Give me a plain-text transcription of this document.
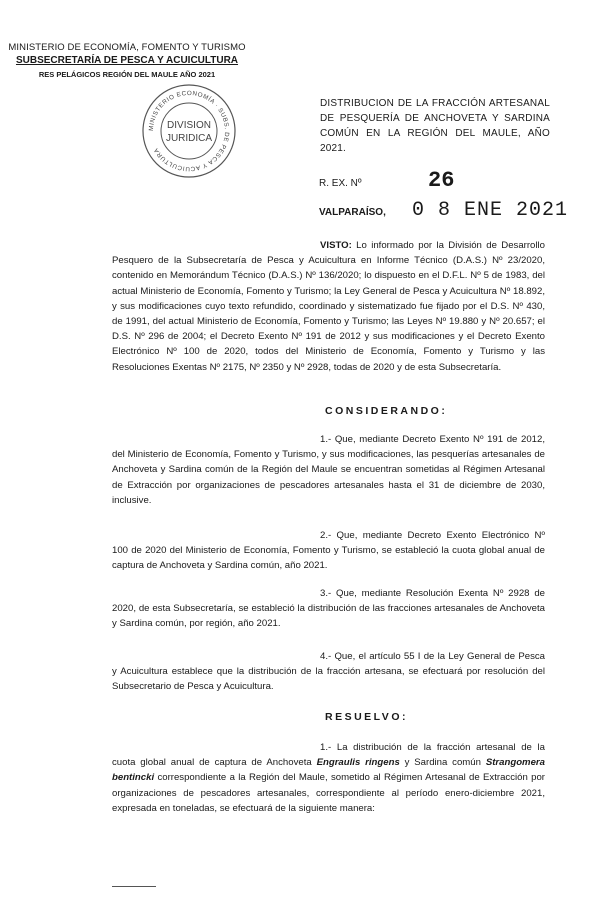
MINISTERIO DE ECONOMÍA, FOMENTO Y TURISMO
SUBSECRETARÍA DE PESCA Y ACUICULTURA
RES PELÁGICOS REGIÓN DEL MAULE AÑO 2021
MINISTERIO ECONOMÍA · SUBS. DE PESCA Y ACUICULTURA
DIVISION
JURIDICA
DISTRIBUCION DE LA FRACCIÓN ARTESANAL DE PESQUERÍA DE ANCHOVETA Y SARDINA COMÚN EN LA REGIÓN DEL MAULE, AÑO 2021.
R. EX. Nº	26
VALPARAÍSO, 0 8 ENE 2021
VISTO: Lo informado por la División de Desarrollo Pesquero de la Subsecretaría de Pesca y Acuicultura en Informe Técnico (D.A.S.) Nº 23/2020, contenido en Memorándum Técnico (D.A.S.) Nº 136/2020; lo dispuesto en el D.F.L. Nº 5 de 1983, del actual Ministerio de Economía, Fomento y Turismo; la Ley General de Pesca y Acuicultura Nº 18.892, y sus modificaciones cuyo texto refundido, coordinado y sistematizado fue fijado por el D.S. Nº 430, de 1991, del actual Ministerio de Economía, Fomento y Turismo; las Leyes Nº 19.880 y Nº 20.657; el D.S. Nº 296 de 2004; el Decreto Exento Nº 191 de 2012 y sus modificaciones y el Decreto Exento Electrónico Nº 100 de 2020, todos del Ministerio de Economía, Fomento y Turismo y las Resoluciones Exentas Nº 2175, Nº 2350 y Nº 2928, todas de 2020 y de esta Subsecretaría.
CONSIDERANDO:
1.- Que, mediante Decreto Exento Nº 191 de 2012, del Ministerio de Economía, Fomento y Turismo, y sus modificaciones, las pesquerías artesanales de Anchoveta y Sardina común de la Región del Maule se encuentran sometidas al Régimen Artesanal de Extracción por organizaciones de pescadores artesanales hasta el 31 de diciembre de 2030, inclusive.
2.- Que, mediante Decreto Exento Electrónico Nº 100 de 2020 del Ministerio de Economía, Fomento y Turismo, se estableció la cuota global anual de captura de Anchoveta y Sardina común, año 2021.
3.- Que, mediante Resolución Exenta Nº 2928 de 2020, de esta Subsecretaría, se estableció la distribución de las fracciones artesanales de Anchoveta y Sardina común, por región, año 2021.
4.- Que, el artículo 55 I de la Ley General de Pesca y Acuicultura establece que la distribución de la fracción artesana, se efectuará por resolución del Subsecretario de Pesca y Acuicultura.
RESUELVO:
1.- La distribución de la fracción artesanal de la cuota global anual de captura de Anchoveta Engraulis ringens y Sardina común Strangomera bentincki correspondiente a la Región del Maule, sometido al Régimen Artesanal de Extracción por organizaciones de pescadores artesanales, correspondiente al período enero-diciembre 2021, expresada en toneladas, se efectuará de la siguiente manera:
